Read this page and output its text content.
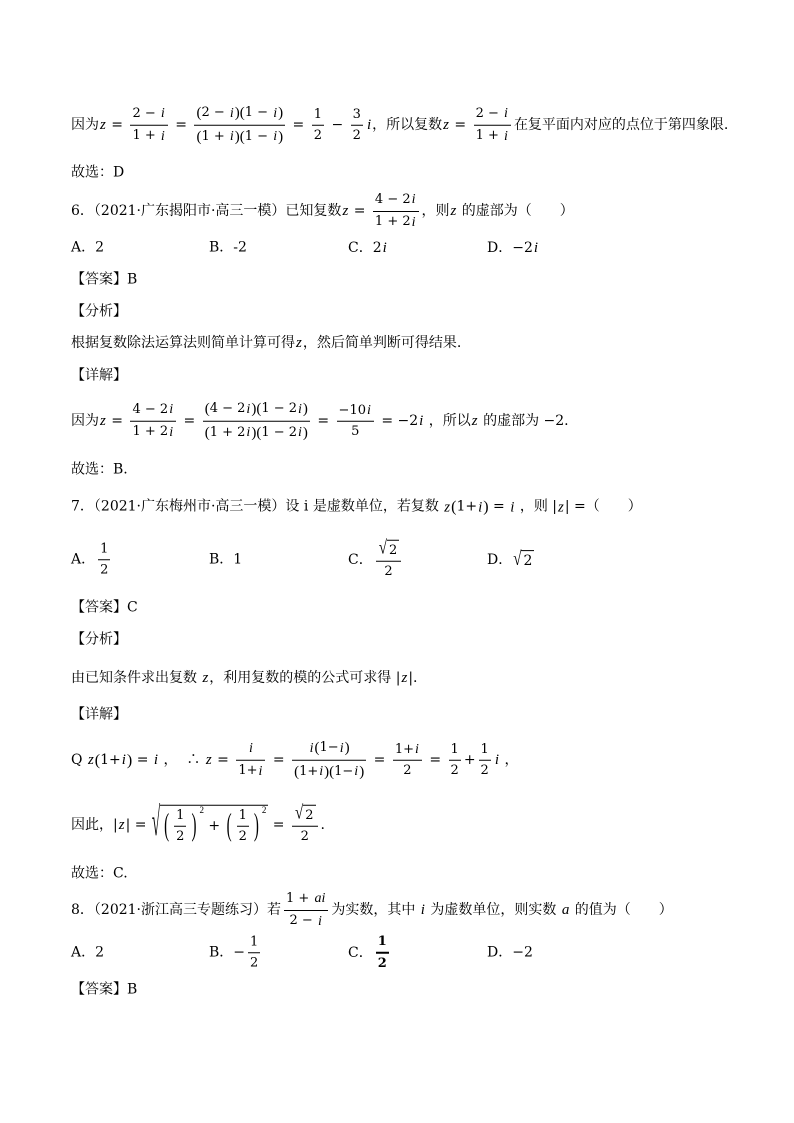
因为 $z = \frac{2 - i}{1 + i} = \frac{( 2 - i ) ( 1 - i )}{( 1 + i ) ( 1 - i )} = \frac{1}{2} - \frac{3}{2}$ i ，所以复数 $z = \frac{2 - i}{1 + i}$ 在复平面内对应的点位于第四象限.
故选：D
6．（2021·广东揭阳市·高三一模）已知复数 $z = \frac{4 - 2 i}{1 + 2 i}$ ，则 z 的虚部为（　　）
A． 2	B． -2	C． 2 i	D． −2 i
【答案】B
【分析】
根据复数除法运算法则简单计算可得 z ，然后简单判断可得结果.
【详解】
因为 $z = \frac{4 - 2 i}{1 + 2 i} = \frac{( 4 - 2 i ) ( 1 - 2 i )}{( 1 + 2 i ) ( 1 - 2 i )} = \frac{-10 i}{5} = -2$ i ，所以 z 的虚部为 −2.
故选：B.
7．（2021·广东梅州市·高三一模）设 i 是虚数单位，若复数 z ( 1+ i ) = i ，则 | z | =（　　）
A． $\frac{1}{2}$	B． 1	C． $\frac{√ 2}{2}$	D． √ 2
【答案】C
【分析】
由已知条件求出复数 z ，利用复数的模的公式可求得 | z | .
【详解】
Q z ( 1+ i ) = i ，  ∴ $z = \frac{i}{1+ i} = \frac{i ( 1- i )}{( 1+ i ) ( 1- i )} = \frac{1+ i}{2} = \frac{1}{2} + \frac{1}{2}$ i ，
因此， | z | = √ ( $\frac{1}{2}$ ) 2
+ ( $\frac{1}{2}$ ) 2
= $\frac{√ 2}{2}$ .
故选：C.
8．（2021·浙江高三专题练习）若 $\frac{1 + ai}{2 - i}$ 为实数，其中 i 为虚数单位，则实数 a 的值为（　　）
A． 2	B． − $\frac{1}{2}$	C． $\frac{1}{2}$	D． −2
【答案】B
